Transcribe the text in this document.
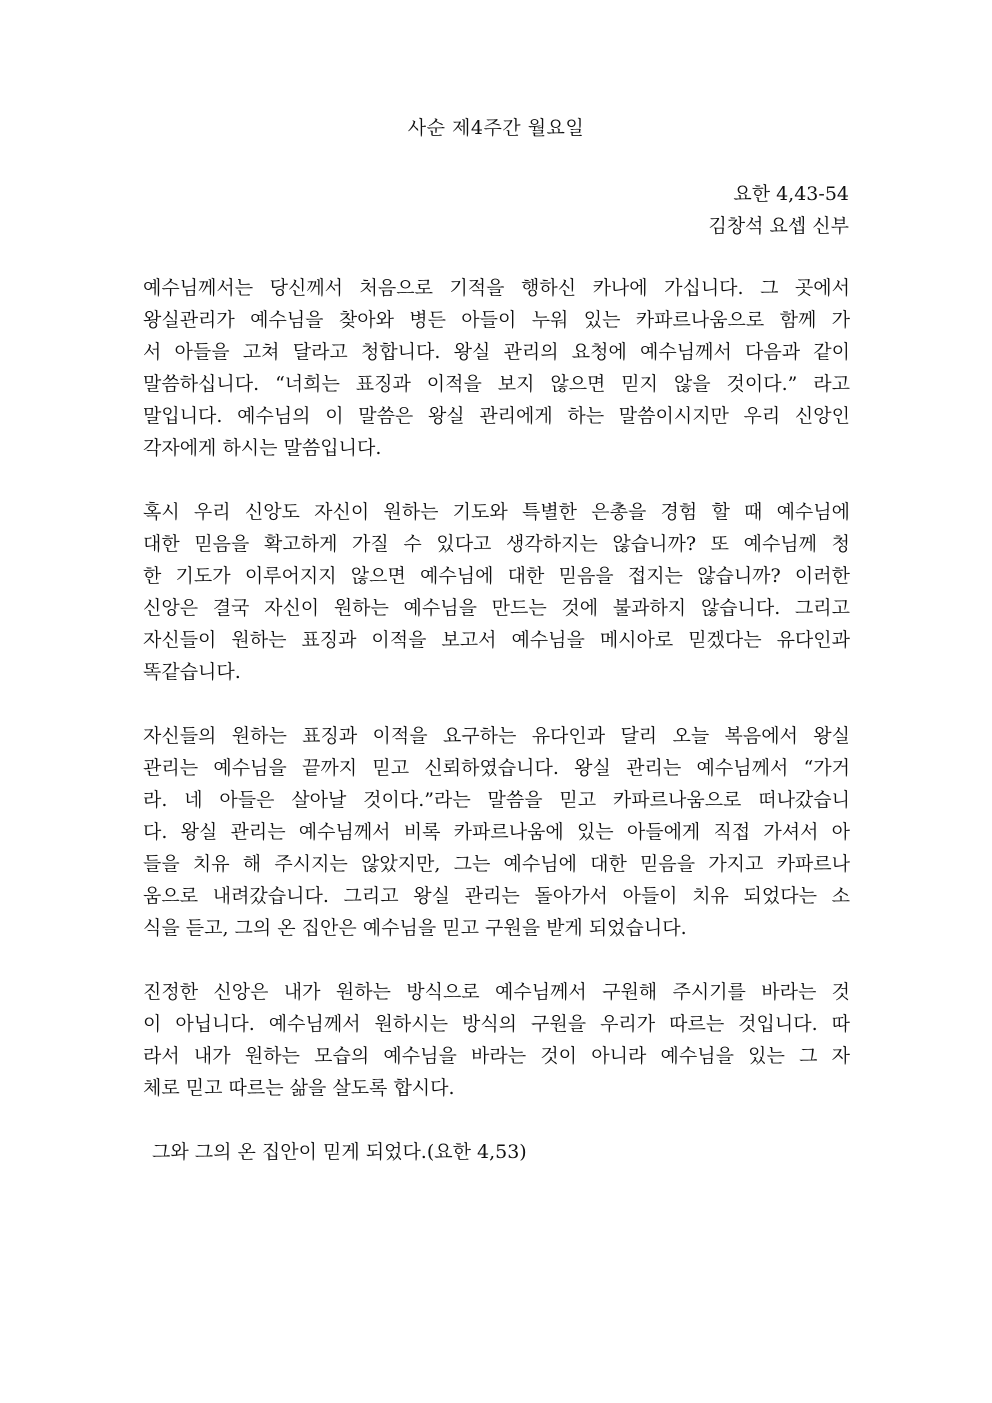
사순 제4주간 월요일
요한 4,43-54
김창석 요셉 신부
예수님께서는 당신께서 처음으로 기적을 행하신 카나에 가십니다. 그 곳에서
왕실관리가 예수님을 찾아와 병든 아들이 누워 있는 카파르나움으로 함께 가
서 아들을 고쳐 달라고 청합니다. 왕실 관리의 요청에 예수님께서 다음과 같이
말씀하십니다. “너희는 표징과 이적을 보지 않으면 믿지 않을 것이다.” 라고
말입니다. 예수님의 이 말씀은 왕실 관리에게 하는 말씀이시지만 우리 신앙인
각자에게 하시는 말씀입니다.
혹시 우리 신앙도 자신이 원하는 기도와 특별한 은총을 경험 할 때 예수님에
대한 믿음을 확고하게 가질 수 있다고 생각하지는 않습니까? 또 예수님께 청
한 기도가 이루어지지 않으면 예수님에 대한 믿음을 접지는 않습니까? 이러한
신앙은 결국 자신이 원하는 예수님을 만드는 것에 불과하지 않습니다. 그리고
자신들이 원하는 표징과 이적을 보고서 예수님을 메시아로 믿겠다는 유다인과
똑같습니다.
자신들의 원하는 표징과 이적을 요구하는 유다인과 달리 오늘 복음에서 왕실
관리는 예수님을 끝까지 믿고 신뢰하였습니다. 왕실 관리는 예수님께서 “가거
라. 네 아들은 살아날 것이다.”라는 말씀을 믿고 카파르나움으로 떠나갔습니
다. 왕실 관리는 예수님께서 비록 카파르나움에 있는 아들에게 직접 가셔서 아
들을 치유 해 주시지는 않았지만, 그는 예수님에 대한 믿음을 가지고 카파르나
움으로 내려갔습니다. 그리고 왕실 관리는 돌아가서 아들이 치유 되었다는 소
식을 듣고, 그의 온 집안은 예수님을 믿고 구원을 받게 되었습니다.
진정한 신앙은 내가 원하는 방식으로 예수님께서 구원해 주시기를 바라는 것
이 아닙니다. 예수님께서 원하시는 방식의 구원을 우리가 따르는 것입니다. 따
라서 내가 원하는 모습의 예수님을 바라는 것이 아니라 예수님을 있는 그 자
체로 믿고 따르는 삶을 살도록 합시다.

그와 그의 온 집안이 믿게 되었다.(요한 4,53)
